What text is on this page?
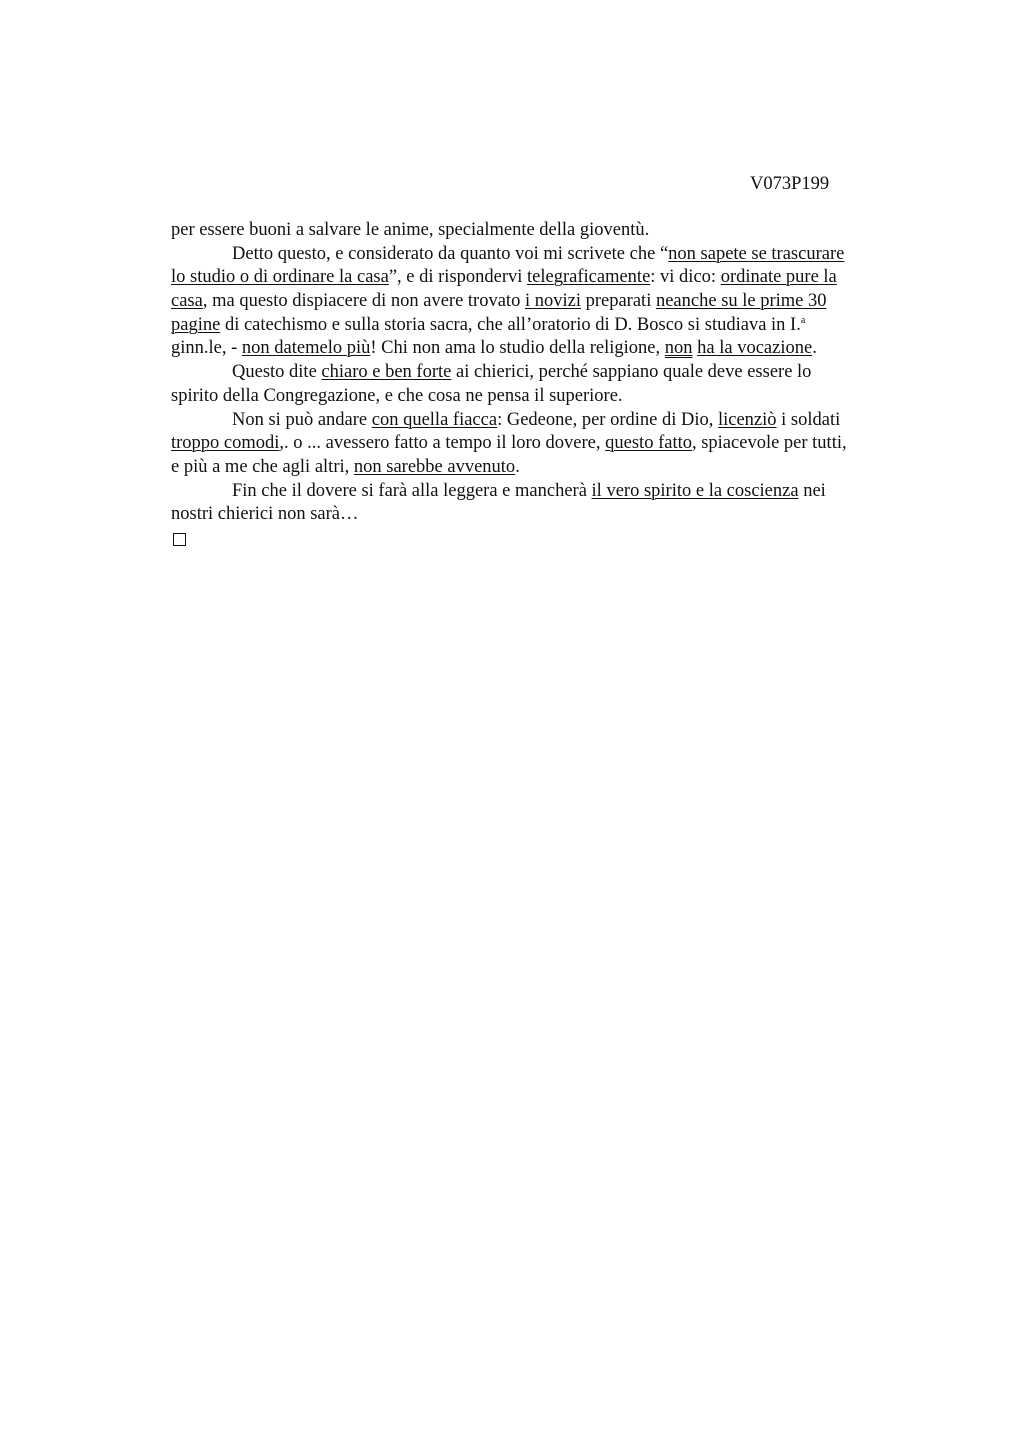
V073P199
per essere buoni a salvare le anime, specialmente della gioventù.
Detto questo, e considerato da quanto voi mi scrivete che “non sapete se trascurare
lo studio o di ordinare la casa”, e di rispondervi telegraficamente: vi dico: ordinate pure la
casa, ma questo dispiacere di non avere trovato i novizi preparati neanche su le prime 30
pagine di catechismo e sulla storia sacra, che all’oratorio di D. Bosco si studiava in I.$^a$
ginn.le, - non datemelo più! Chi non ama lo studio della religione, non ha la vocazione.
Questo dite chiaro e ben forte ai chierici, perché sappiano quale deve essere lo
spirito della Congregazione, e che cosa ne pensa il superiore.
Non si può andare con quella fiacca: Gedeone, per ordine di Dio, licenziò i soldati
troppo comodi,. o ... avessero fatto a tempo il loro dovere, questo fatto, spiacevole per tutti,
e più a me che agli altri, non sarebbe avvenuto.
Fin che il dovere si farà alla leggera e mancherà il vero spirito e la coscienza nei
nostri chierici non sarà…
